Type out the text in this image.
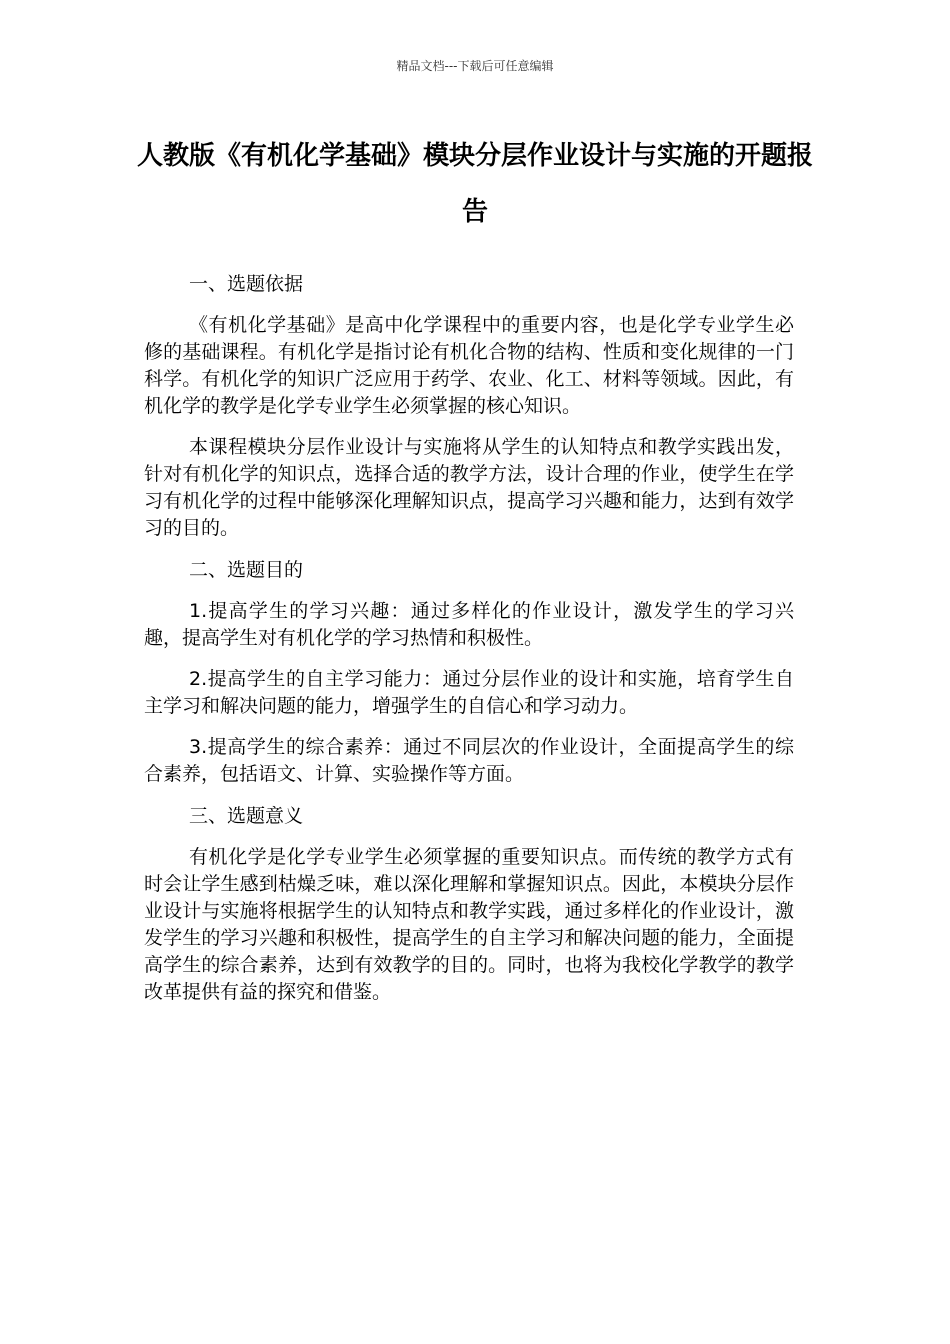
精品文档---下载后可任意编辑
人教版《有机化学基础》模块分层作业设计与实施的开题报告

一、选题依据

《有机化学基础》是高中化学课程中的重要内容，也是化学专业学生必修的基础课程。有机化学是指讨论有机化合物的结构、性质和变化规律的一门科学。有机化学的知识广泛应用于药学、农业、化工、材料等领域。因此，有机化学的教学是化学专业学生必须掌握的核心知识。

本课程模块分层作业设计与实施将从学生的认知特点和教学实践出发，针对有机化学的知识点，选择合适的教学方法，设计合理的作业，使学生在学习有机化学的过程中能够深化理解知识点，提高学习兴趣和能力，达到有效学习的目的。

二、选题目的

1.提高学生的学习兴趣：通过多样化的作业设计，激发学生的学习兴趣，提高学生对有机化学的学习热情和积极性。

2.提高学生的自主学习能力：通过分层作业的设计和实施，培育学生自主学习和解决问题的能力，增强学生的自信心和学习动力。

3.提高学生的综合素养：通过不同层次的作业设计，全面提高学生的综合素养，包括语文、计算、实验操作等方面。

三、选题意义

有机化学是化学专业学生必须掌握的重要知识点。而传统的教学方式有时会让学生感到枯燥乏味，难以深化理解和掌握知识点。因此，本模块分层作业设计与实施将根据学生的认知特点和教学实践，通过多样化的作业设计，激发学生的学习兴趣和积极性，提高学生的自主学习和解决问题的能力，全面提高学生的综合素养，达到有效教学的目的。同时，也将为我校化学教学的教学改革提供有益的探究和借鉴。
